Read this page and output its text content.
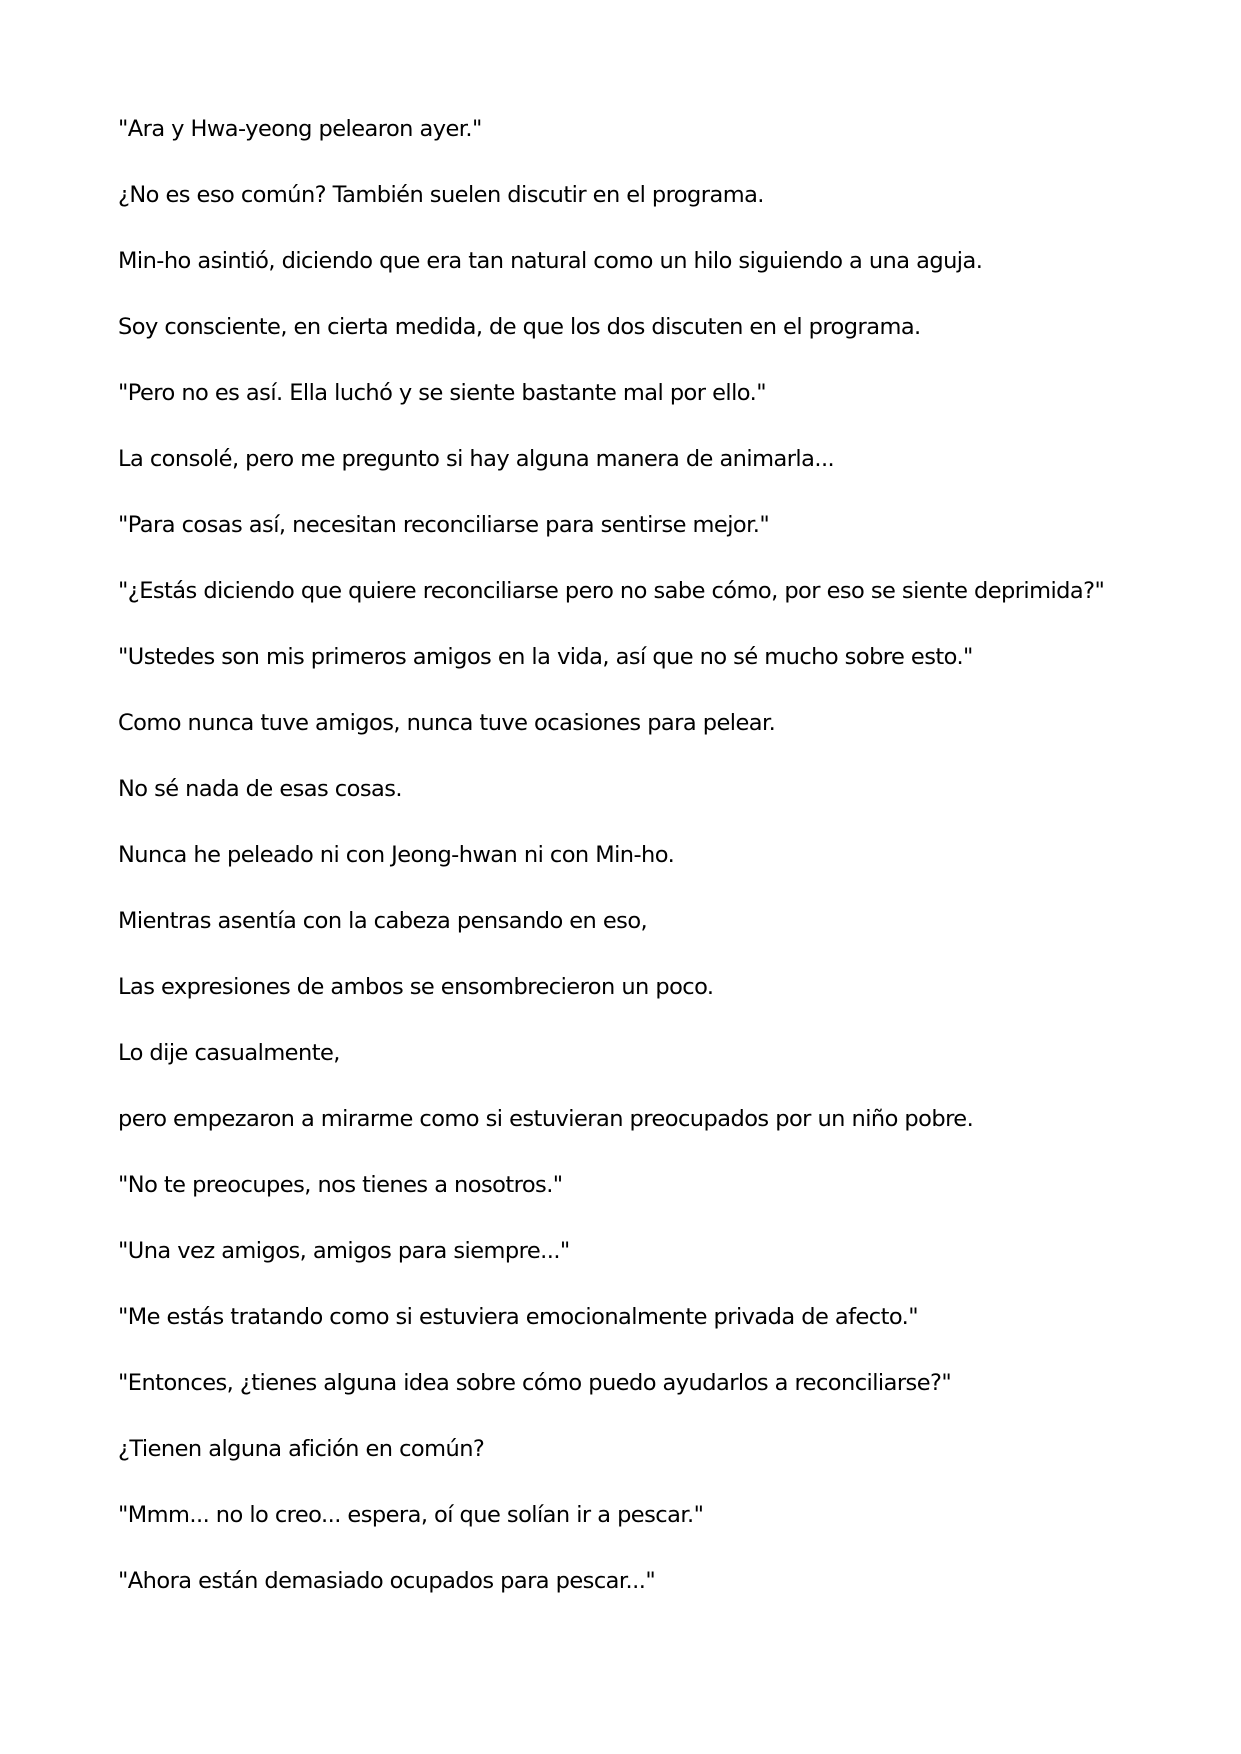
"Ara y Hwa-yeong pelearon ayer."

¿No es eso común? También suelen discutir en el programa.

Min-ho asintió, diciendo que era tan natural como un hilo siguiendo a una aguja.

Soy consciente, en cierta medida, de que los dos discuten en el programa.

"Pero no es así. Ella luchó y se siente bastante mal por ello."

La consolé, pero me pregunto si hay alguna manera de animarla...

"Para cosas así, necesitan reconciliarse para sentirse mejor."

"¿Estás diciendo que quiere reconciliarse pero no sabe cómo, por eso se siente deprimida?"

"Ustedes son mis primeros amigos en la vida, así que no sé mucho sobre esto."

Como nunca tuve amigos, nunca tuve ocasiones para pelear.

No sé nada de esas cosas.

Nunca he peleado ni con Jeong-hwan ni con Min-ho.

Mientras asentía con la cabeza pensando en eso,

Las expresiones de ambos se ensombrecieron un poco.

Lo dije casualmente,

pero empezaron a mirarme como si estuvieran preocupados por un niño pobre.

"No te preocupes, nos tienes a nosotros."

"Una vez amigos, amigos para siempre..."

"Me estás tratando como si estuviera emocionalmente privada de afecto."

"Entonces, ¿tienes alguna idea sobre cómo puedo ayudarlos a reconciliarse?"

¿Tienen alguna afición en común?

"Mmm... no lo creo... espera, oí que solían ir a pescar."

"Ahora están demasiado ocupados para pescar..."
